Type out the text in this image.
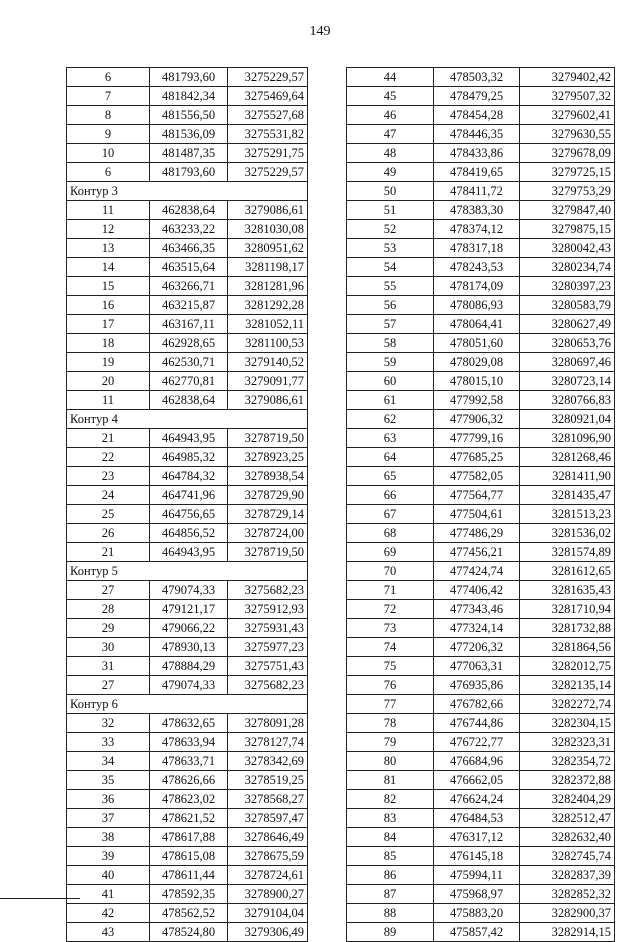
149
6	481793,60	3275229,57
7	481842,34	3275469,64
8	481556,50	3275527,68
9	481536,09	3275531,82
10	481487,35	3275291,75
6	481793,60	3275229,57
Контур 3		
11	462838,64	3279086,61
12	463233,22	3281030,08
13	463466,35	3280951,62
14	463515,64	3281198,17
15	463266,71	3281281,96
16	463215,87	3281292,28
17	463167,11	3281052,11
18	462928,65	3281100,53
19	462530,71	3279140,52
20	462770,81	3279091,77
11	462838,64	3279086,61
Контур 4		
21	464943,95	3278719,50
22	464985,32	3278923,25
23	464784,32	3278938,54
24	464741,96	3278729,90
25	464756,65	3278729,14
26	464856,52	3278724,00
21	464943,95	3278719,50
Контур 5		
27	479074,33	3275682,23
28	479121,17	3275912,93
29	479066,22	3275931,43
30	478930,13	3275977,23
31	478884,29	3275751,43
27	479074,33	3275682,23
Контур 6		
32	478632,65	3278091,28
33	478633,94	3278127,74
34	478633,71	3278342,69
35	478626,66	3278519,25
36	478623,02	3278568,27
37	478621,52	3278597,47
38	478617,88	3278646,49
39	478615,08	3278675,59
40	478611,44	3278724,61
41	478592,35	3278900,27
42	478562,52	3279104,04
43	478524,80	3279306,49
44	478503,32	3279402,42
45	478479,25	3279507,32
46	478454,28	3279602,41
47	478446,35	3279630,55
48	478433,86	3279678,09
49	478419,65	3279725,15
50	478411,72	3279753,29
51	478383,30	3279847,40
52	478374,12	3279875,15
53	478317,18	3280042,43
54	478243,53	3280234,74
55	478174,09	3280397,23
56	478086,93	3280583,79
57	478064,41	3280627,49
58	478051,60	3280653,76
59	478029,08	3280697,46
60	478015,10	3280723,14
61	477992,58	3280766,83
62	477906,32	3280921,04
63	477799,16	3281096,90
64	477685,25	3281268,46
65	477582,05	3281411,90
66	477564,77	3281435,47
67	477504,61	3281513,23
68	477486,29	3281536,02
69	477456,21	3281574,89
70	477424,74	3281612,65
71	477406,42	3281635,43
72	477343,46	3281710,94
73	477324,14	3281732,88
74	477206,32	3281864,56
75	477063,31	3282012,75
76	476935,86	3282135,14
77	476782,66	3282272,74
78	476744,86	3282304,15
79	476722,77	3282323,31
80	476684,96	3282354,72
81	476662,05	3282372,88
82	476624,24	3282404,29
83	476484,53	3282512,47
84	476317,12	3282632,40
85	476145,18	3282745,74
86	475994,11	3282837,39
87	475968,97	3282852,32
88	475883,20	3282900,37
89	475857,42	3282914,15
